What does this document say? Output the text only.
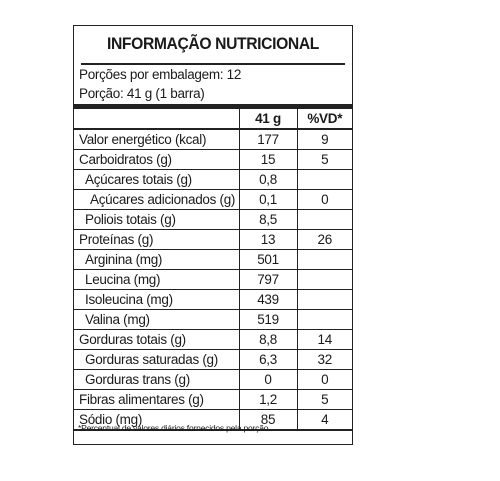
INFORMAÇÃO NUTRICIONAL
Porções por embalagem: 12
Porção: 41 g (1 barra)
	41 g	%VD*
Valor energético (kcal)	177	9
Carboidratos (g)	15	5
Açúcares totais (g)	0,8	
Açúcares adicionados (g)	0,1	0
Poliois totais (g)	8,5	
Proteínas (g)	13	26
Arginina (mg)	501	
Leucina (mg)	797	
Isoleucina (mg)	439	
Valina (mg)	519	
Gorduras totais (g)	8,8	14
Gorduras saturadas (g)	6,3	32
Gorduras trans (g)	0	0
Fibras alimentares (g)	1,2	5
Sódio (mg)	85	4
*Percentual de valores diários fornecidos pela porção.
